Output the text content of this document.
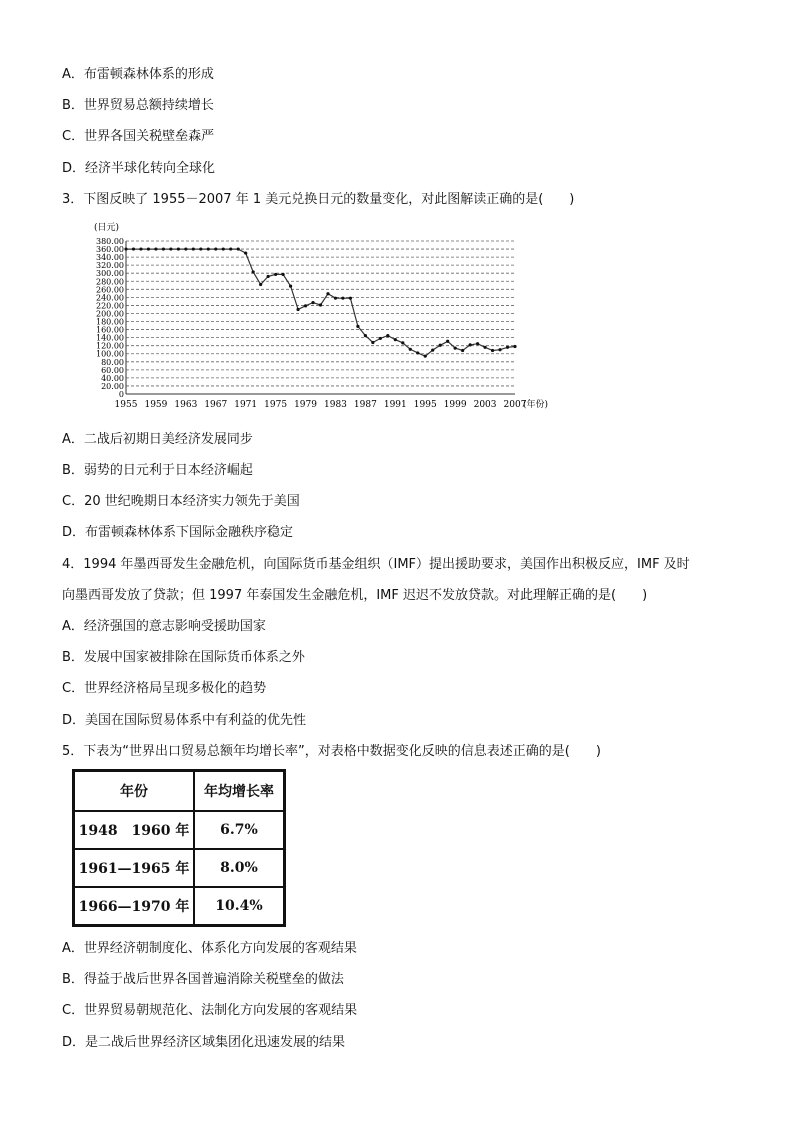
A．布雷顿森林体系的形成
B．世界贸易总额持续增长
C．世界各国关税壁垒森严
D．经济半球化转向全球化
3．下图反映了 1955－2007 年 1 美元兑换日元的数量变化，对此图解读正确的是(　　)
(日元)
380.00
360.00
340.00
320.00
300.00
280.00
260.00
240.00
220.00
200.00
180.00
160.00
140.00
120.00
100.00
80.00
60.00
40.00
20.00
0
1955 1959 1963 1967 1971 1975 1979 1983 1987 1991 1995 1999 2003 2007
(年份)
A．二战后初期日美经济发展同步
B．弱势的日元利于日本经济崛起
C．20 世纪晚期日本经济实力领先于美国
D．布雷顿森林体系下国际金融秩序稳定
4．1994 年墨西哥发生金融危机，向国际货币基金组织（IMF）提出援助要求，美国作出积极反应，IMF 及时
向墨西哥发放了贷款；但 1997 年泰国发生金融危机，IMF 迟迟不发放贷款。对此理解正确的是(　　)
A．经济强国的意志影响受援助国家
B．发展中国家被排除在国际货币体系之外
C．世界经济格局呈现多极化的趋势
D．美国在国际贸易体系中有利益的优先性
5．下表为“世界出口贸易总额年均增长率”，对表格中数据变化反映的信息表述正确的是(　　)
年份	年均增长率
1948　1960 年	6.7%
1961—1965 年	8.0%
1966—1970 年	10.4%
A．世界经济朝制度化、体系化方向发展的客观结果
B．得益于战后世界各国普遍消除关税壁垒的做法
C．世界贸易朝规范化、法制化方向发展的客观结果
D．是二战后世界经济区域集团化迅速发展的结果
